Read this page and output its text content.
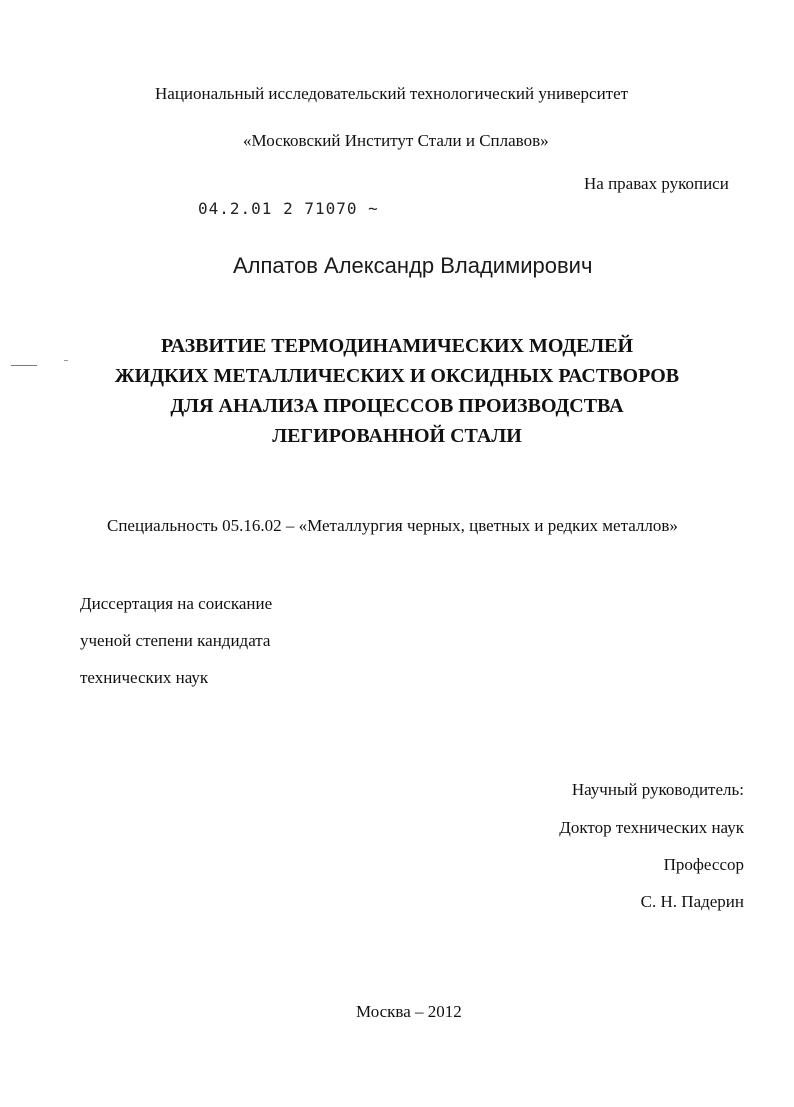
Национальный исследовательский технологический университет
«Московский Институт Стали и Сплавов»
На правах рукописи
04.2.01 2 71070 ~
Алпатов Александр Владимирович
РАЗВИТИЕ ТЕРМОДИНАМИЧЕСКИХ МОДЕЛЕЙ
ЖИДКИХ МЕТАЛЛИЧЕСКИХ И ОКСИДНЫХ РАСТВОРОВ
ДЛЯ АНАЛИЗА ПРОЦЕССОВ ПРОИЗВОДСТВА
ЛЕГИРОВАННОЙ СТАЛИ
Специальность 05.16.02 – «Металлургия черных, цветных и редких металлов»
Диссертация на соискание
ученой степени кандидата
технических наук
Научный руководитель:
Доктор технических наук
Профессор
С. Н. Падерин
Москва – 2012
